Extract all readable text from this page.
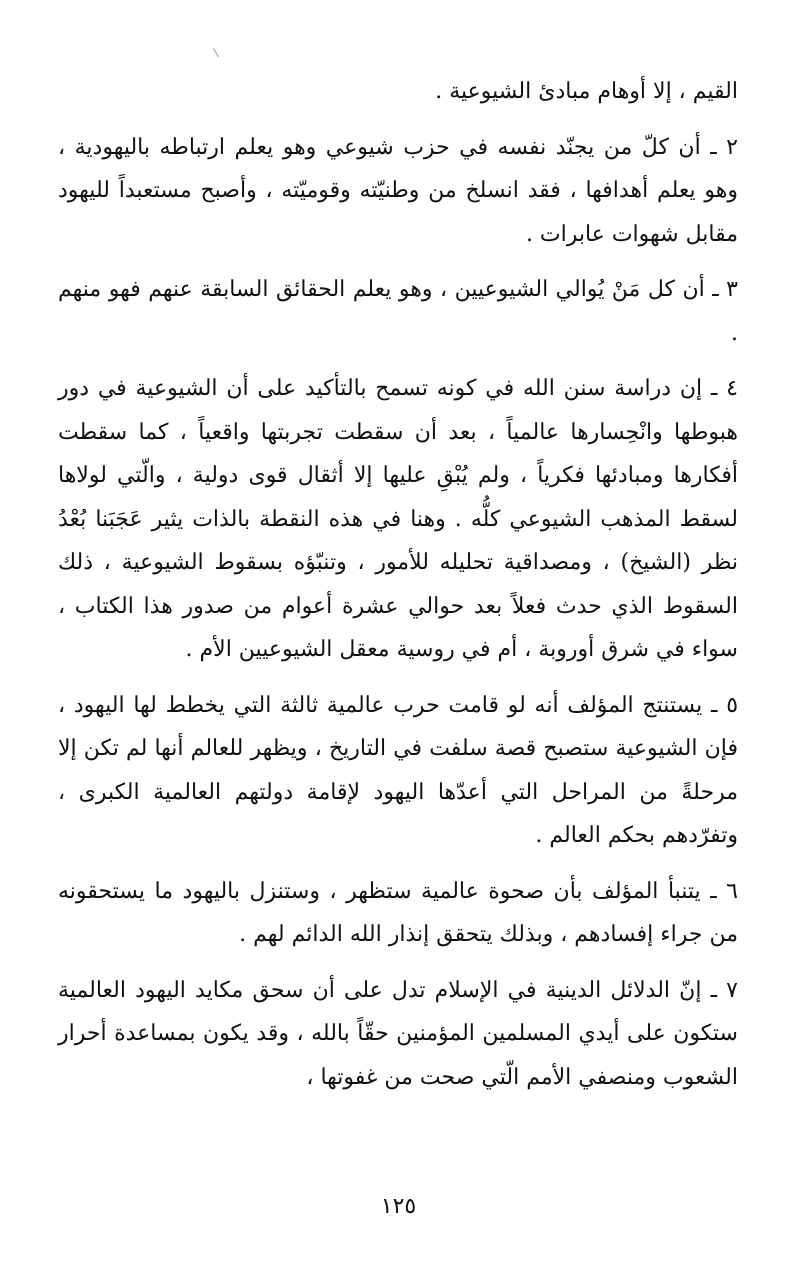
القيم ، إلا أوهام مبادئ الشيوعية .

٢ ـ أن كلّ من يجنّد نفسه في حزب شيوعي وهو يعلم ارتباطه باليهودية ، وهو يعلم أهدافها ، فقد انسلخ من وطنيّته وقوميّته ، وأصبح مستعبداً لليهود مقابل شهوات عابرات .

٣ ـ أن كل مَنْ يُوالي الشيوعيين ، وهو يعلم الحقائق السابقة عنهم فهو منهم .

٤ ـ إن دراسة سنن الله في كونه تسمح بالتأكيد على أن الشيوعية في دور هبوطها وانْحِسارها عالمياً ، بعد أن سقطت تجربتها واقعياً ، كما سقطت أفكارها ومبادئها فكرياً ، ولم يُبْقِ عليها إلا أثقال قوى دولية ، والّتي لولاها لسقط المذهب الشيوعي كلُّه . وهنا في هذه النقطة بالذات يثير عَجَبَنا بُعْدُ نظر (الشيخ) ، ومصداقية تحليله للأمور ، وتنبّؤه بسقوط الشيوعية ، ذلك السقوط الذي حدث فعلاً بعد حوالي عشرة أعوام من صدور هذا الكتاب ، سواء في شرق أوروبة ، أم في روسية معقل الشيوعيين الأم .

٥ ـ يستنتج المؤلف أنه لو قامت حرب عالمية ثالثة التي يخطط لها اليهود ، فإن الشيوعية ستصبح قصة سلفت في التاريخ ، ويظهر للعالم أنها لم تكن إلا مرحلةً من المراحل التي أعدّها اليهود لإقامة دولتهم العالمية الكبرى ، وتفرّدهم بحكم العالم .

٦ ـ يتنبأ المؤلف بأن صحوة عالمية ستظهر ، وستنزل باليهود ما يستحقونه من جراء إفسادهم ، وبذلك يتحقق إنذار الله الدائم لهم .

٧ ـ إنّ الدلائل الدينية في الإسلام تدل على أن سحق مكايد اليهود العالمية ستكون على أيدي المسلمين المؤمنين حقّاً بالله ، وقد يكون بمساعدة أحرار الشعوب ومنصفي الأمم الّتي صحت من غفوتها ،

١٢٥
